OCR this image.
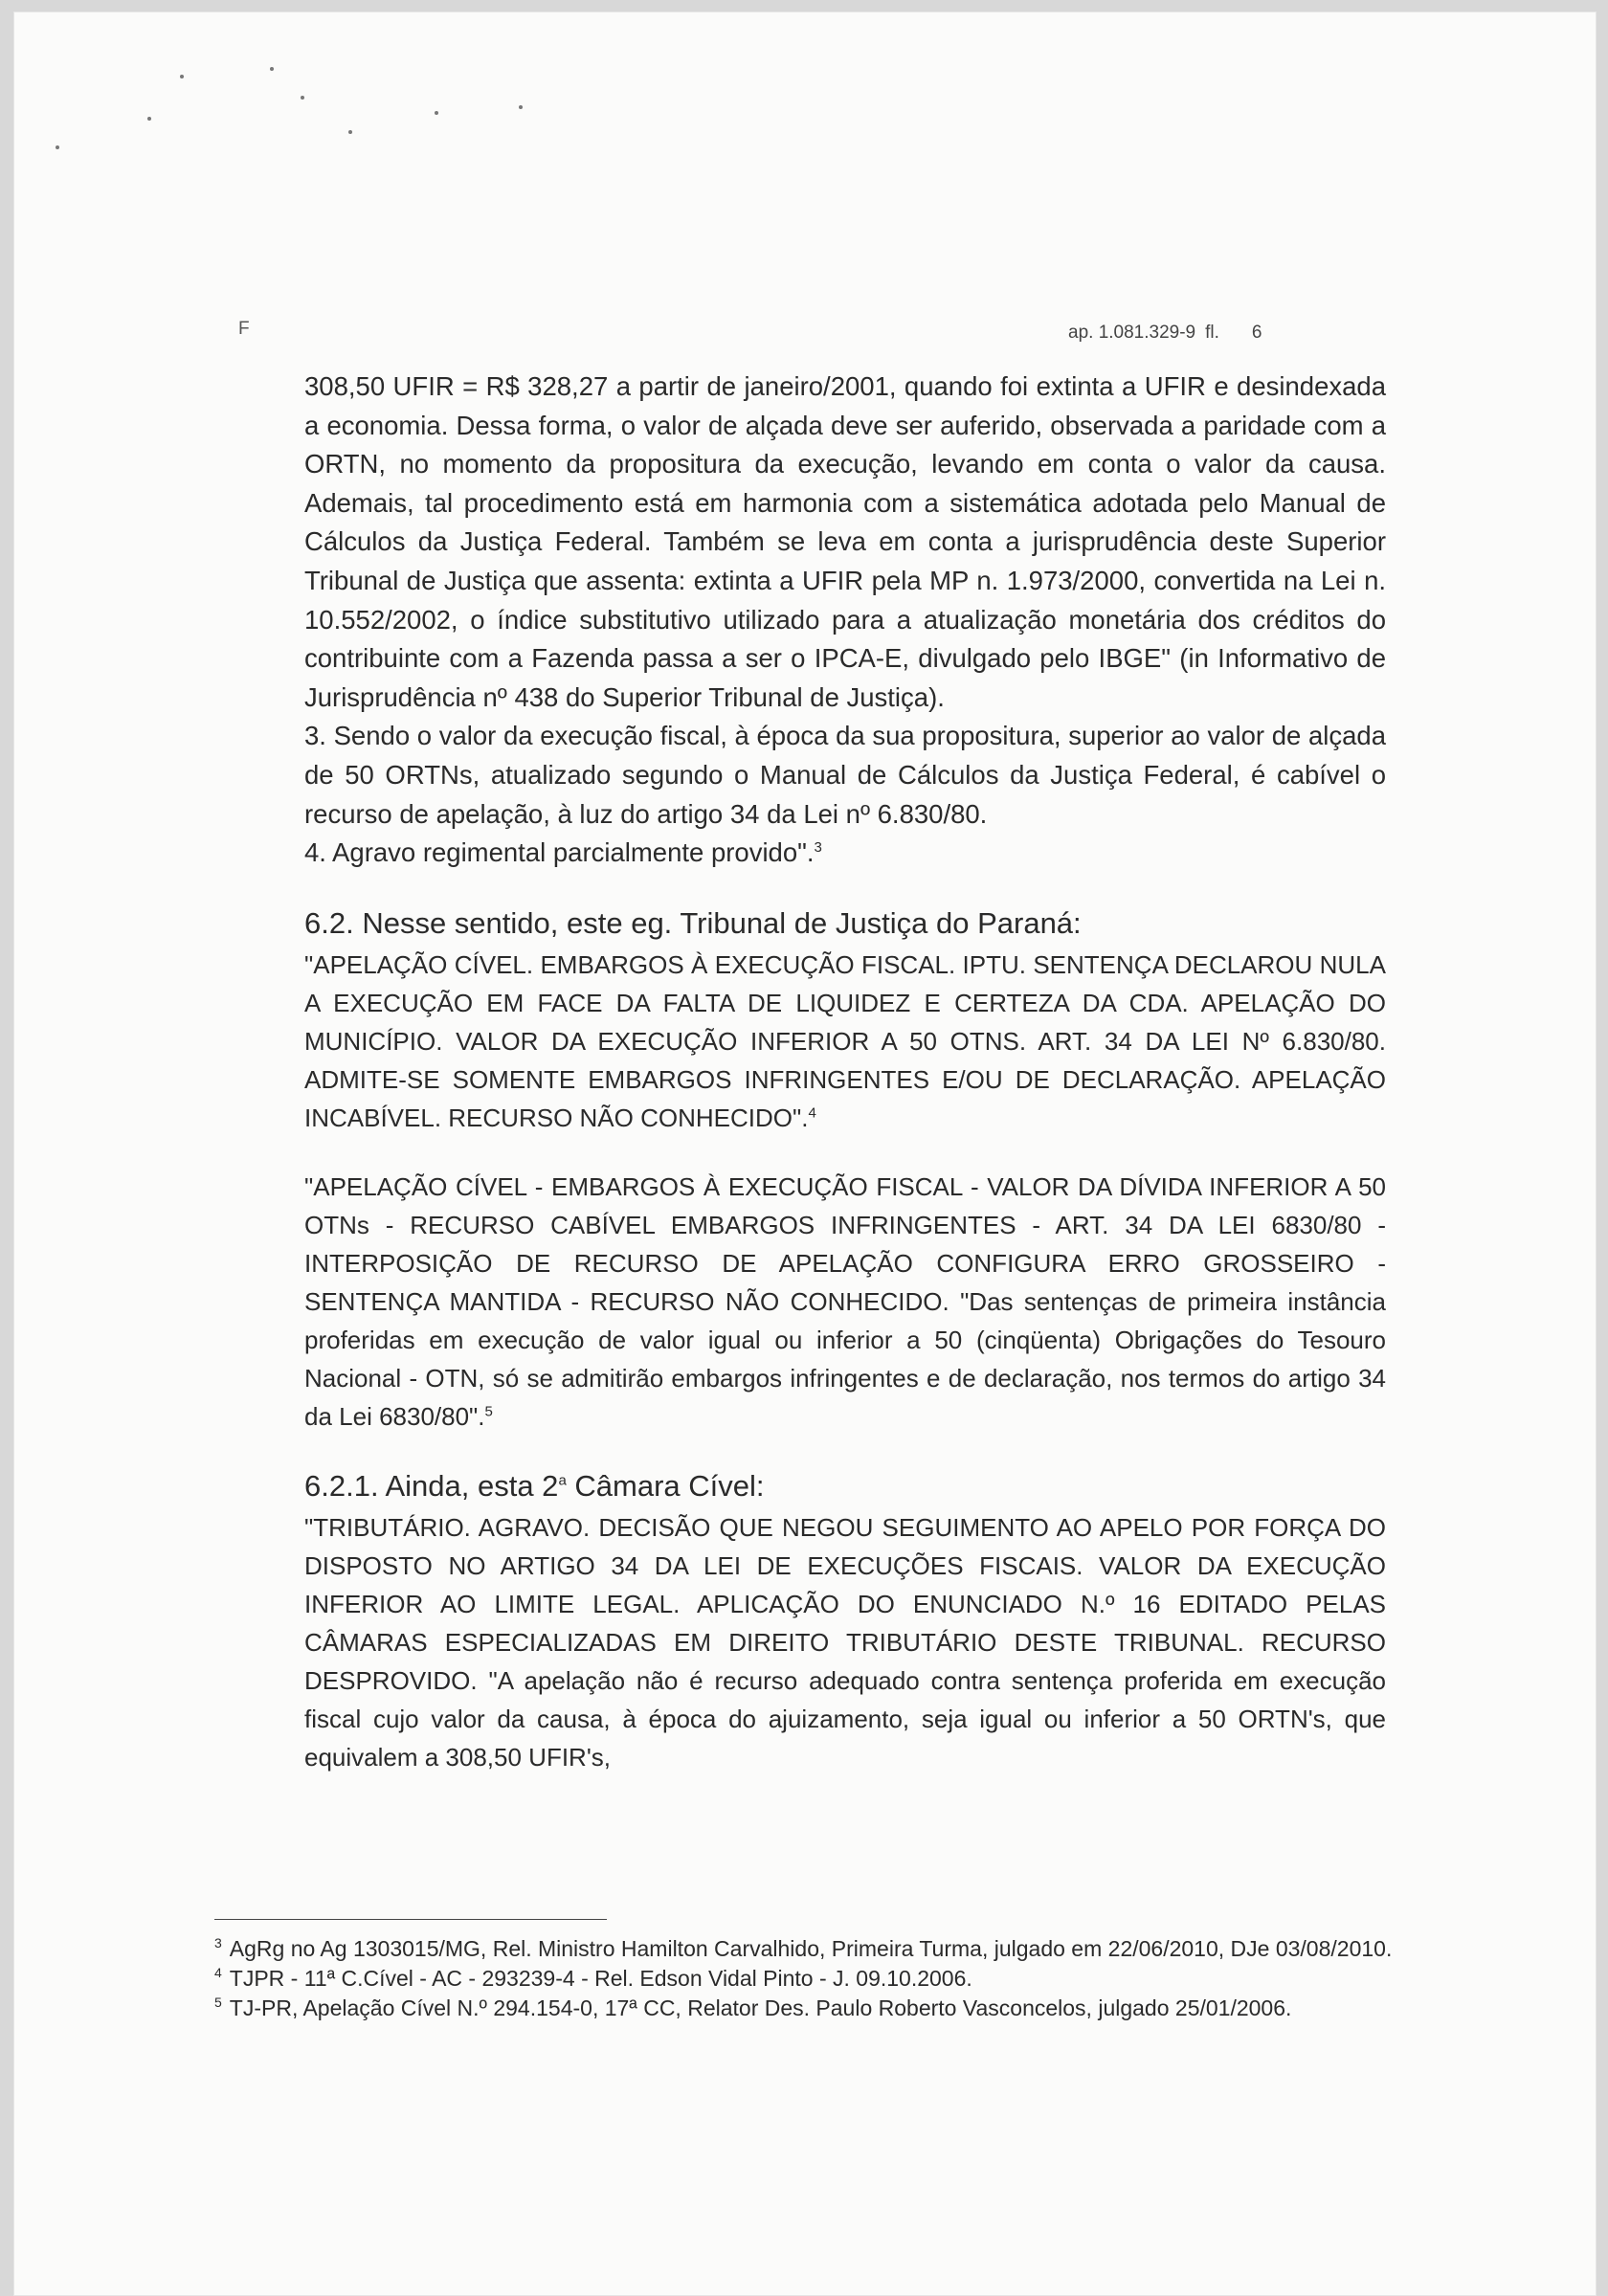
F	ap. 1.081.329-9 fl. 6

308,50 UFIR = R$ 328,27 a partir de janeiro/2001, quando foi extinta a UFIR e desindexada a economia. Dessa forma, o valor de alçada deve ser auferido, observada a paridade com a ORTN, no momento da propositura da execução, levando em conta o valor da causa. Ademais, tal procedimento está em harmonia com a sistemática adotada pelo Manual de Cálculos da Justiça Federal. Também se leva em conta a jurisprudência deste Superior Tribunal de Justiça que assenta: extinta a UFIR pela MP n. 1.973/2000, convertida na Lei n. 10.552/2002, o índice substitutivo utilizado para a atualização monetária dos créditos do contribuinte com a Fazenda passa a ser o IPCA-E, divulgado pelo IBGE" (in Informativo de Jurisprudência nº 438 do Superior Tribunal de Justiça).

3. Sendo o valor da execução fiscal, à época da sua propositura, superior ao valor de alçada de 50 ORTNs, atualizado segundo o Manual de Cálculos da Justiça Federal, é cabível o recurso de apelação, à luz do artigo 34 da Lei nº 6.830/80.

4. Agravo regimental parcialmente provido".$^3$

6.2. Nesse sentido, este eg. Tribunal de Justiça do Paraná:

"APELAÇÃO CÍVEL. EMBARGOS À EXECUÇÃO FISCAL. IPTU. SENTENÇA DECLAROU NULA A EXECUÇÃO EM FACE DA FALTA DE LIQUIDEZ E CERTEZA DA CDA. APELAÇÃO DO MUNICÍPIO. VALOR DA EXECUÇÃO INFERIOR A 50 OTNS. ART. 34 DA LEI Nº 6.830/80. ADMITE-SE SOMENTE EMBARGOS INFRINGENTES E/OU DE DECLARAÇÃO. APELAÇÃO INCABÍVEL. RECURSO NÃO CONHECIDO".$^4$

"APELAÇÃO CÍVEL - EMBARGOS À EXECUÇÃO FISCAL - VALOR DA DÍVIDA INFERIOR A 50 OTNs - RECURSO CABÍVEL EMBARGOS INFRINGENTES - ART. 34 DA LEI 6830/80 - INTERPOSIÇÃO DE RECURSO DE APELAÇÃO CONFIGURA ERRO GROSSEIRO - SENTENÇA MANTIDA - RECURSO NÃO CONHECIDO. "Das sentenças de primeira instância proferidas em execução de valor igual ou inferior a 50 (cinqüenta) Obrigações do Tesouro Nacional - OTN, só se admitirão embargos infringentes e de declaração, nos termos do artigo 34 da Lei 6830/80".$^5$

6.2.1. Ainda, esta 2$^a$ Câmara Cível:

"TRIBUTÁRIO. AGRAVO. DECISÃO QUE NEGOU SEGUIMENTO AO APELO POR FORÇA DO DISPOSTO NO ARTIGO 34 DA LEI DE EXECUÇÕES FISCAIS. VALOR DA EXECUÇÃO INFERIOR AO LIMITE LEGAL. APLICAÇÃO DO ENUNCIADO N.º 16 EDITADO PELAS CÂMARAS ESPECIALIZADAS EM DIREITO TRIBUTÁRIO DESTE TRIBUNAL. RECURSO DESPROVIDO. "A apelação não é recurso adequado contra sentença proferida em execução fiscal cujo valor da causa, à época do ajuizamento, seja igual ou inferior a 50 ORTN's, que equivalem a 308,50 UFIR's,

$^3$ AgRg no Ag 1303015/MG, Rel. Ministro Hamilton Carvalhido, Primeira Turma, julgado em 22/06/2010, DJe 03/08/2010.

$^4$ TJPR - 11ª C.Cível - AC - 293239-4 - Rel. Edson Vidal Pinto - J. 09.10.2006.

$^5$ TJ-PR, Apelação Cível N.º 294.154-0, 17ª CC, Relator Des. Paulo Roberto Vasconcelos, julgado 25/01/2006.
